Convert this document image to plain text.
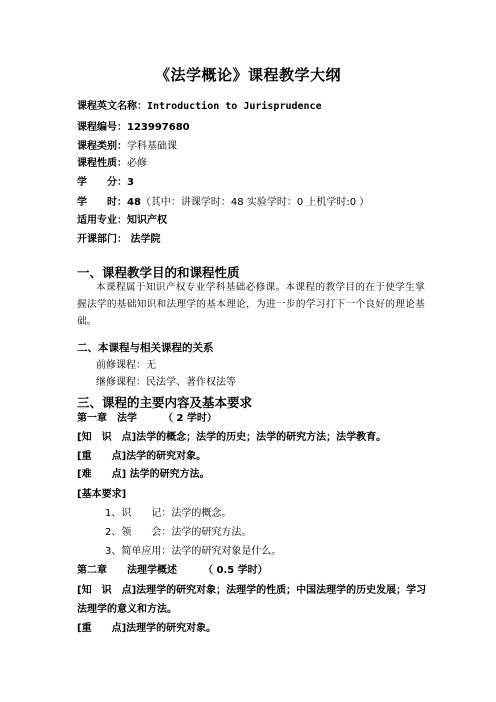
《法学概论》课程教学大纲
课程英文名称：Introduction to Jurisprudence
课程编号：123997680
课程类别：学科基础课
课程性质：必修
学　　分：3
学　　时：48（其中：讲课学时：48 实验学时：0 上机学时:0 ）
适用专业：知识产权
开课部门： 法学院
一、课程教学目的和课程性质
本课程属于知识产权专业学科基础必修课。本课程的教学目的在于使学生掌握法学的基础知识和法理学的基本理论，为进一步的学习打下一个良好的理论基础。
二、本课程与相关课程的关系
前修课程：无
继修课程：民法学、著作权法等
三、课程的主要内容及基本要求
第一章　法学	（ 2 学时）
[知　识　点]法学的概念；法学的历史；法学的研究方法；法学教育。
[重　　点]法学的研究对象。
[难　　点] 法学的研究方法。
[基本要求]
1、识　　记：法学的概念。
2、领　　会：法学的研究方法。
3、简单应用：法学的研究对象是什么。
第二章　　法理学概述	（ 0.5 学时）
[知　识　点]法理学的研究对象；法理学的性质；中国法理学的历史发展；学习
法理学的意义和方法。
[重　　点]法理学的研究对象。
